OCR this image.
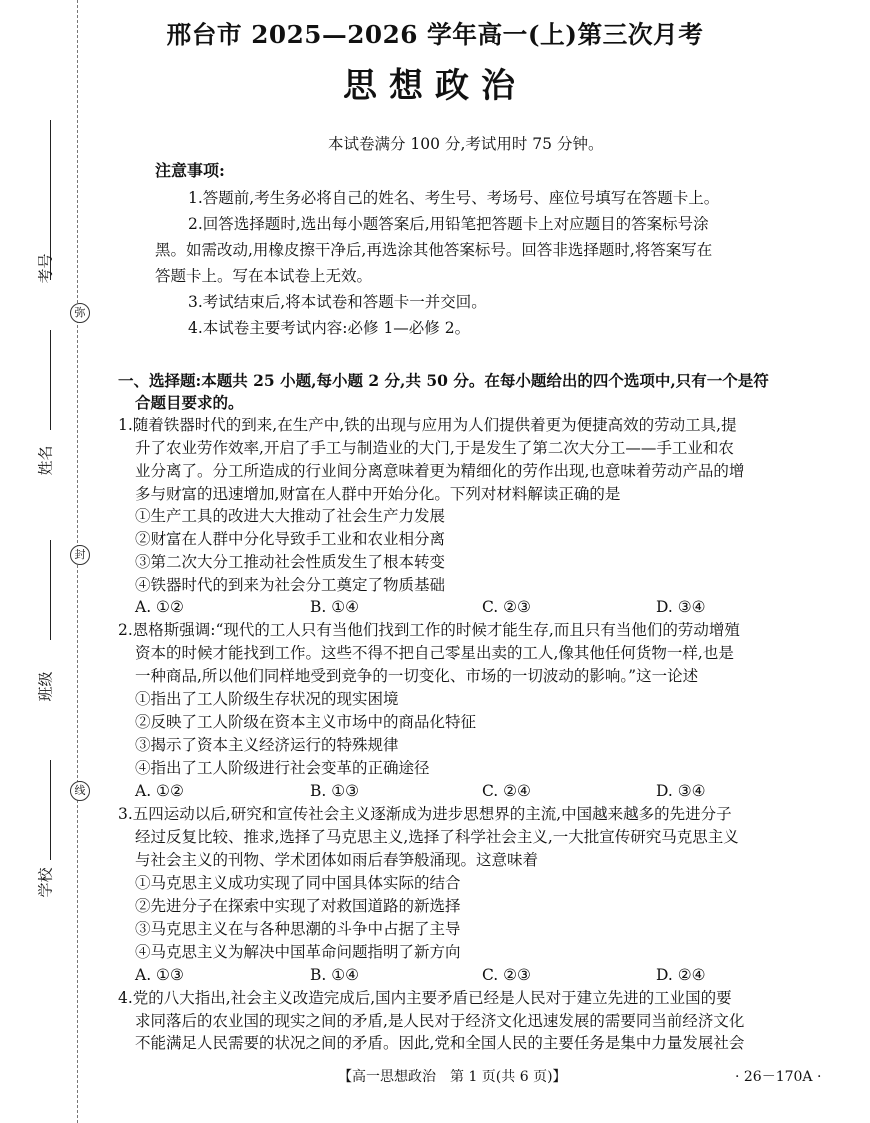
考号
姓名
班级
学校
弥
封
线
邢台市 2025—2026 学年高一(上)第三次月考
思想政治
本试卷满分 100 分,考试用时 75 分钟。
注意事项:
1.答题前,考生务必将自己的姓名、考生号、考场号、座位号填写在答题卡上。
2.回答选择题时,选出每小题答案后,用铅笔把答题卡上对应题目的答案标号涂
黑。如需改动,用橡皮擦干净后,再选涂其他答案标号。回答非选择题时,将答案写在
答题卡上。写在本试卷上无效。
3.考试结束后,将本试卷和答题卡一并交回。
4.本试卷主要考试内容:必修 1—必修 2。
一、选择题:本题共 25 小题,每小题 2 分,共 50 分。在每小题给出的四个选项中,只有一个是符
合题目要求的。
1.随着铁器时代的到来,在生产中,铁的出现与应用为人们提供着更为便捷高效的劳动工具,提
升了农业劳作效率,开启了手工与制造业的大门,于是发生了第二次大分工——手工业和农
业分离了。分工所造成的行业间分离意味着更为精细化的劳作出现,也意味着劳动产品的增
多与财富的迅速增加,财富在人群中开始分化。下列对材料解读正确的是
①生产工具的改进大大推动了社会生产力发展
②财富在人群中分化导致手工业和农业相分离
③第二次大分工推动社会性质发生了根本转变
④铁器时代的到来为社会分工奠定了物质基础
A. ①②	B. ①④	C. ②③	D. ③④
2.恩格斯强调:“现代的工人只有当他们找到工作的时候才能生存,而且只有当他们的劳动增殖
资本的时候才能找到工作。这些不得不把自己零星出卖的工人,像其他任何货物一样,也是
一种商品,所以他们同样地受到竞争的一切变化、市场的一切波动的影响。”这一论述
①指出了工人阶级生存状况的现实困境
②反映了工人阶级在资本主义市场中的商品化特征
③揭示了资本主义经济运行的特殊规律
④指出了工人阶级进行社会变革的正确途径
A. ①②	B. ①③	C. ②④	D. ③④
3.五四运动以后,研究和宣传社会主义逐渐成为进步思想界的主流,中国越来越多的先进分子
经过反复比较、推求,选择了马克思主义,选择了科学社会主义,一大批宣传研究马克思主义
与社会主义的刊物、学术团体如雨后春笋般涌现。这意味着
①马克思主义成功实现了同中国具体实际的结合
②先进分子在探索中实现了对救国道路的新选择
③马克思主义在与各种思潮的斗争中占据了主导
④马克思主义为解决中国革命问题指明了新方向
A. ①③	B. ①④	C. ②③	D. ②④
4.党的八大指出,社会主义改造完成后,国内主要矛盾已经是人民对于建立先进的工业国的要
求同落后的农业国的现实之间的矛盾,是人民对于经济文化迅速发展的需要同当前经济文化
不能满足人民需要的状况之间的矛盾。因此,党和全国人民的主要任务是集中力量发展社会
【高一思想政治　第 1 页(共 6 页)】	· 26－170A ·
